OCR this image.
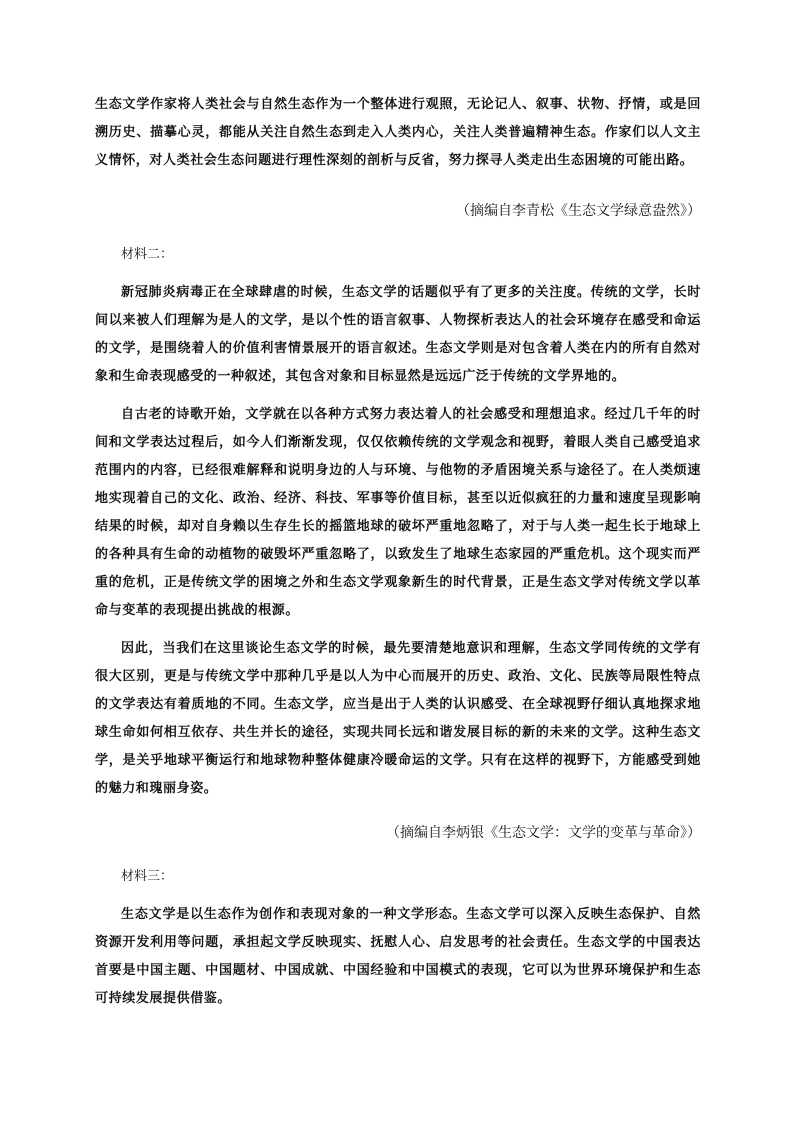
生态文学作家将人类社会与自然生态作为一个整体进行观照，无论记人、叙事、状物、抒情，或是回溯历史、描摹心灵，都能从关注自然生态到走入人类内心，关注人类普遍精神生态。作家们以人文主义情怀，对人类社会生态问题进行理性深刻的剖析与反省，努力探寻人类走出生态困境的可能出路。

（摘编自李青松《生态文学绿意盎然》）

材料二：

新冠肺炎病毒正在全球肆虐的时候，生态文学的话题似乎有了更多的关注度。传统的文学，长时间以来被人们理解为是人的文学，是以个性的语言叙事、人物探析表达人的社会环境存在感受和命运的文学，是围绕着人的价值利害情景展开的语言叙述。生态文学则是对包含着人类在内的所有自然对象和生命表现感受的一种叙述，其包含对象和目标显然是远远广泛于传统的文学界地的。

自古老的诗歌开始，文学就在以各种方式努力表达着人的社会感受和理想追求。经过几千年的时间和文学表达过程后，如今人们渐渐发现，仅仅依赖传统的文学观念和视野，着眼人类自己感受追求范围内的内容，已经很难解释和说明身边的人与环境、与他物的矛盾困境关系与途径了。在人类烦速地实现着自己的文化、政治、经济、科技、军事等价值目标，甚至以近似疯狂的力量和速度呈现影响结果的时候，却对自身赖以生存生长的摇篮地球的破坏严重地忽略了，对于与人类一起生长于地球上的各种具有生命的动植物的破毁坏严重忽略了，以致发生了地球生态家园的严重危机。这个现实而严重的危机，正是传统文学的困境之外和生态文学观象新生的时代背景，正是生态文学对传统文学以革命与变革的表现提出挑战的根源。

因此，当我们在这里谈论生态文学的时候，最先要清楚地意识和理解，生态文学同传统的文学有很大区别，更是与传统文学中那种几乎是以人为中心而展开的历史、政治、文化、民族等局限性特点的文学表达有着质地的不同。生态文学，应当是出于人类的认识感受、在全球视野仔细认真地探求地球生命如何相互依存、共生并长的途径，实现共同长远和谐发展目标的新的未来的文学。这种生态文学，是关乎地球平衡运行和地球物种整体健康冷暖命运的文学。只有在这样的视野下，方能感受到她的魅力和瑰丽身姿。

（摘编自李炳银《生态文学：文学的变革与革命》）

材料三：

生态文学是以生态作为创作和表现对象的一种文学形态。生态文学可以深入反映生态保护、自然资源开发利用等问题，承担起文学反映现实、抚慰人心、启发思考的社会责任。生态文学的中国表达首要是中国主题、中国题材、中国成就、中国经验和中国模式的表现，它可以为世界环境保护和生态可持续发展提供借鉴。
